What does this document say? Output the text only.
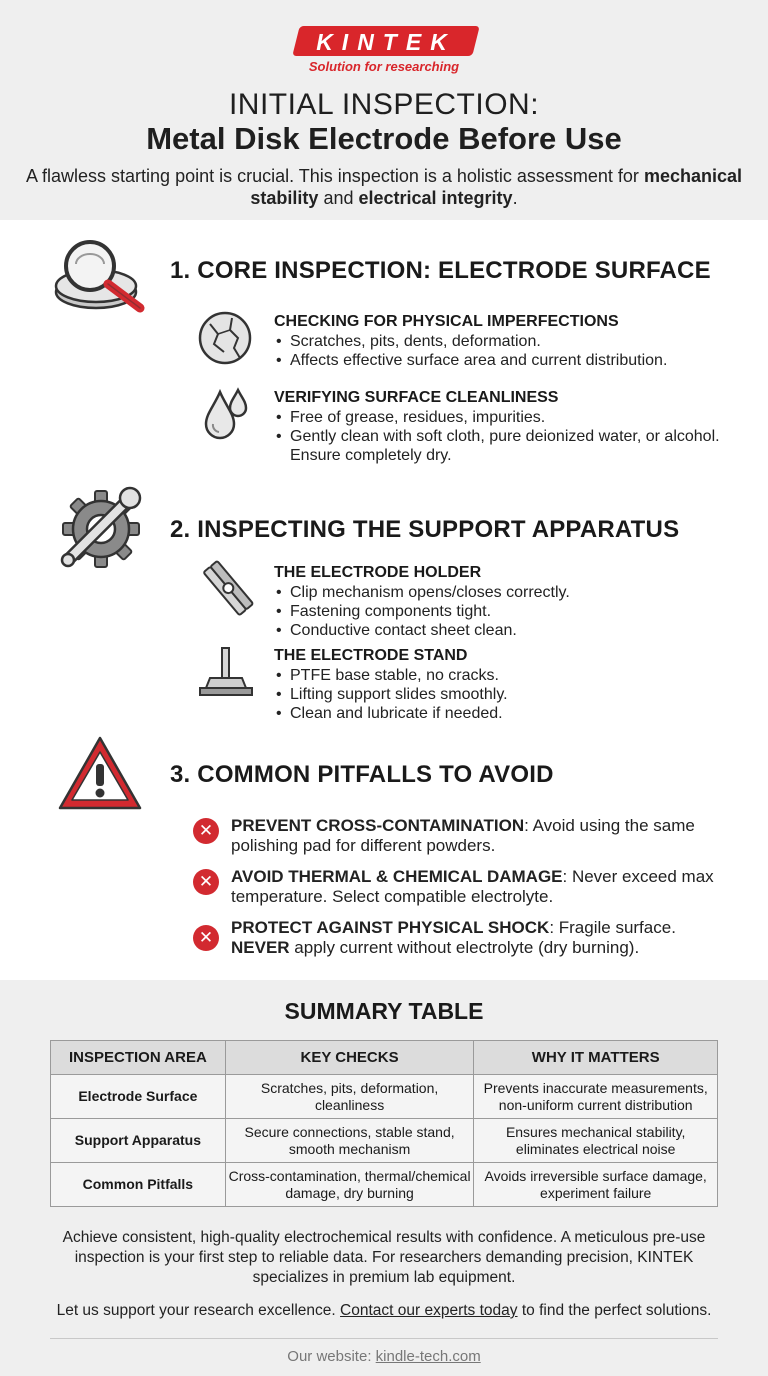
KINTEK
Solution for researching
INITIAL INSPECTION:
Metal Disk Electrode Before Use
A flawless starting point is crucial. This inspection is a holistic assessment for mechanical stability and electrical integrity.
1. CORE INSPECTION: ELECTRODE SURFACE
CHECKING FOR PHYSICAL IMPERFECTIONS
• Scratches, pits, dents, deformation.
• Affects effective surface area and current distribution.
VERIFYING SURFACE CLEANLINESS
• Free of grease, residues, impurities.
• Gently clean with soft cloth, pure deionized water, or alcohol. Ensure completely dry.
2. INSPECTING THE SUPPORT APPARATUS
THE ELECTRODE HOLDER
• Clip mechanism opens/closes correctly.
• Fastening components tight.
• Conductive contact sheet clean.
THE ELECTRODE STAND
• PTFE base stable, no cracks.
• Lifting support slides smoothly.
• Clean and lubricate if needed.
3. COMMON PITFALLS TO AVOID
✕	PREVENT CROSS-CONTAMINATION: Avoid using the same polishing pad for different powders.
✕	AVOID THERMAL & CHEMICAL DAMAGE: Never exceed max temperature. Select compatible electrolyte.
✕
PROTECT AGAINST PHYSICAL SHOCK: Fragile surface. NEVER apply current without electrolyte (dry burning).
SUMMARY TABLE
INSPECTION AREA	KEY CHECKS	WHY IT MATTERS
Electrode Surface	Scratches, pits, deformation, cleanliness	Prevents inaccurate measurements, non-uniform current distribution
Support Apparatus	Secure connections, stable stand, smooth mechanism	Ensures mechanical stability, eliminates electrical noise
Common Pitfalls	Cross-contamination, thermal/chemical damage, dry burning	Avoids irreversible surface damage, experiment failure
Achieve consistent, high-quality electrochemical results with confidence. A meticulous pre-use inspection is your first step to reliable data. For researchers demanding precision, KINTEK specializes in premium lab equipment.
Let us support your research excellence. Contact our experts today to find the perfect solutions.
Our website: kindle-tech.com
